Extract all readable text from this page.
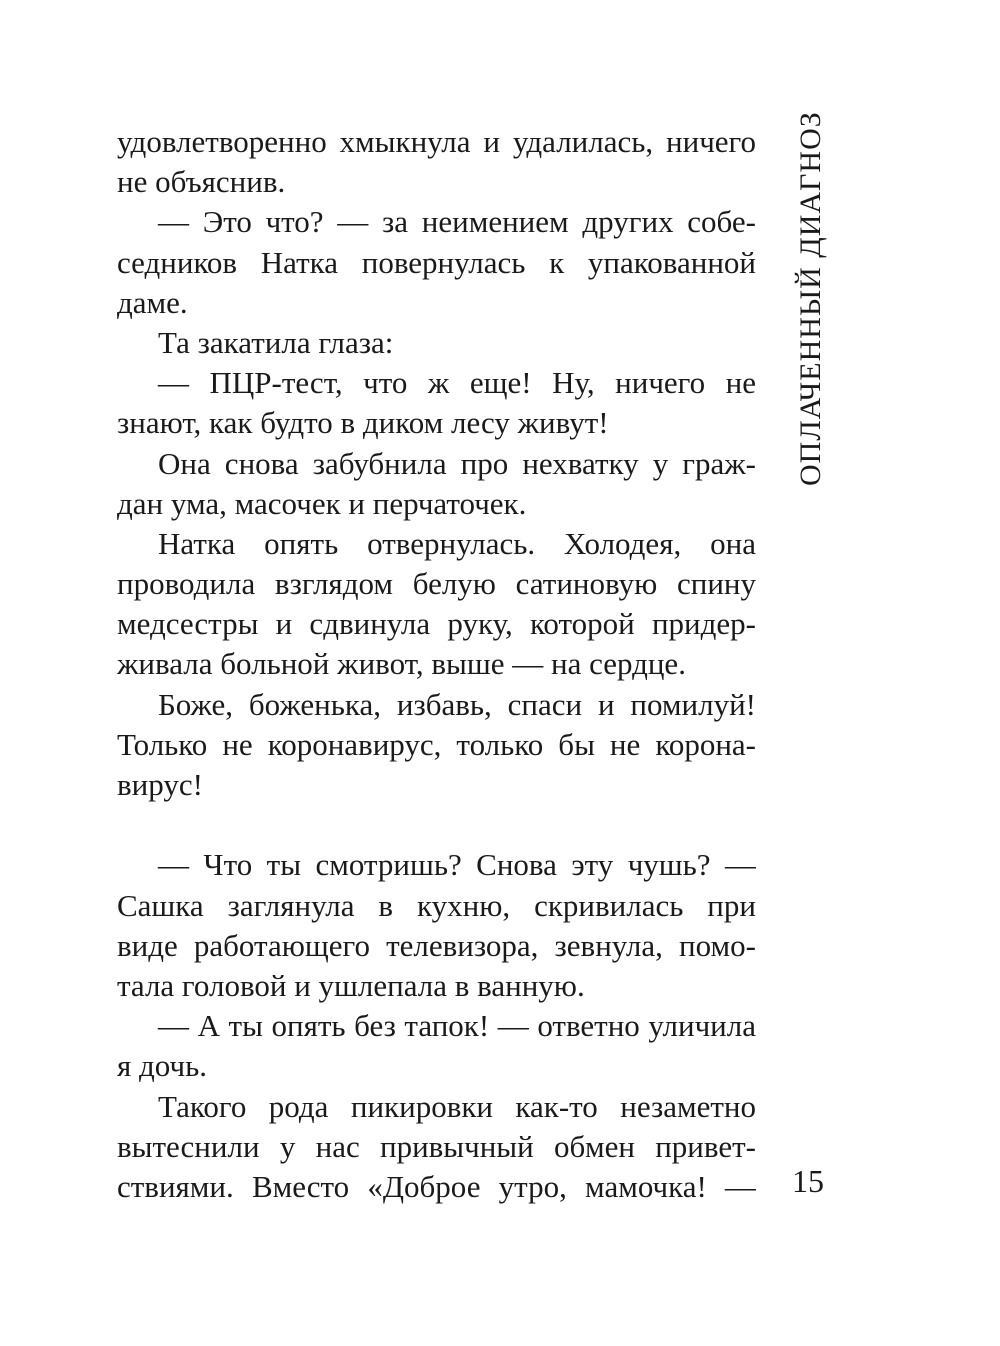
удовлетворенно хмыкнула и удалилась, ничего
не объяснив.
— Это что? — за неимением других собе-
седников Натка повернулась к упакованной
даме.
Та закатила глаза:
— ПЦР-тест, что ж еще! Ну, ничего не
знают, как будто в диком лесу живут!
Она снова забубнила про нехватку у граж-
дан ума, масочек и перчаточек.
Натка опять отвернулась. Холодея, она
проводила взглядом белую сатиновую спину
медсестры и сдвинула руку, которой придер-
живала больной живот, выше — на сердце.
Боже, боженька, избавь, спаси и помилуй!
Только не коронавирус, только бы не корона-
вирус!
— Что ты смотришь? Снова эту чушь? —
Сашка заглянула в кухню, скривилась при
виде работающего телевизора, зевнула, помо-
тала головой и ушлепала в ванную.
— А ты опять без тапок! — ответно уличила
я дочь.
Такого рода пикировки как-то незаметно
вытеснили у нас привычный обмен привет-
ствиями. Вместо «Доброе утро, мамочка! —
ОПЛАЧЕННЫЙ ДИАГНОЗ
15
